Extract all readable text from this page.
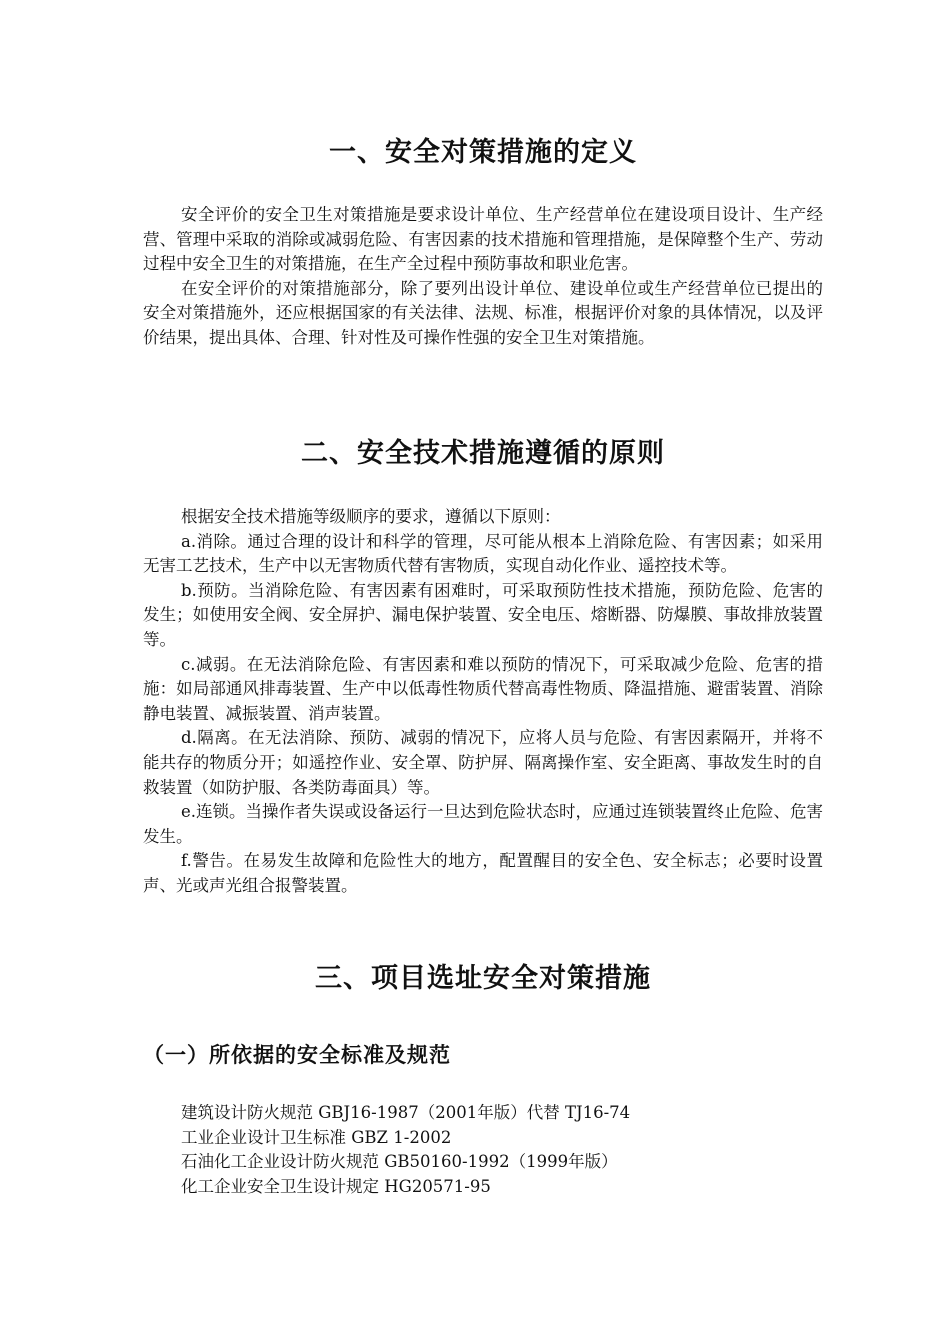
一、安全对策措施的定义

安全评价的安全卫生对策措施是要求设计单位、生产经营单位在建设项目设计、生产经营、管理中采取的消除或减弱危险、有害因素的技术措施和管理措施，是保障整个生产、劳动过程中安全卫生的对策措施，在生产全过程中预防事故和职业危害。

在安全评价的对策措施部分，除了要列出设计单位、建设单位或生产经营单位已提出的安全对策措施外，还应根据国家的有关法律、法规、标准，根据评价对象的具体情况，以及评价结果，提出具体、合理、针对性及可操作性强的安全卫生对策措施。

二、安全技术措施遵循的原则

根据安全技术措施等级顺序的要求，遵循以下原则：

a.消除。通过合理的设计和科学的管理，尽可能从根本上消除危险、有害因素；如采用无害工艺技术，生产中以无害物质代替有害物质，实现自动化作业、遥控技术等。

b.预防。当消除危险、有害因素有困难时，可采取预防性技术措施，预防危险、危害的发生；如使用安全阀、安全屏护、漏电保护装置、安全电压、熔断器、防爆膜、事故排放装置等。

c.减弱。在无法消除危险、有害因素和难以预防的情况下，可采取减少危险、危害的措施：如局部通风排毒装置、生产中以低毒性物质代替高毒性物质、降温措施、避雷装置、消除静电装置、减振装置、消声装置。

d.隔离。在无法消除、预防、减弱的情况下，应将人员与危险、有害因素隔开，并将不能共存的物质分开；如遥控作业、安全罩、防护屏、隔离操作室、安全距离、事故发生时的自救装置（如防护服、各类防毒面具）等。

e.连锁。当操作者失误或设备运行一旦达到危险状态时，应通过连锁装置终止危险、危害发生。

f.警告。在易发生故障和危险性大的地方，配置醒目的安全色、安全标志；必要时设置声、光或声光组合报警装置。

三、项目选址安全对策措施
（一）所依据的安全标准及规范

建筑设计防火规范 GBJ16-1987（2001年版）代替 TJ16-74

工业企业设计卫生标准 GBZ 1-2002

石油化工企业设计防火规范 GB50160-1992（1999年版）

化工企业安全卫生设计规定 HG20571-95
